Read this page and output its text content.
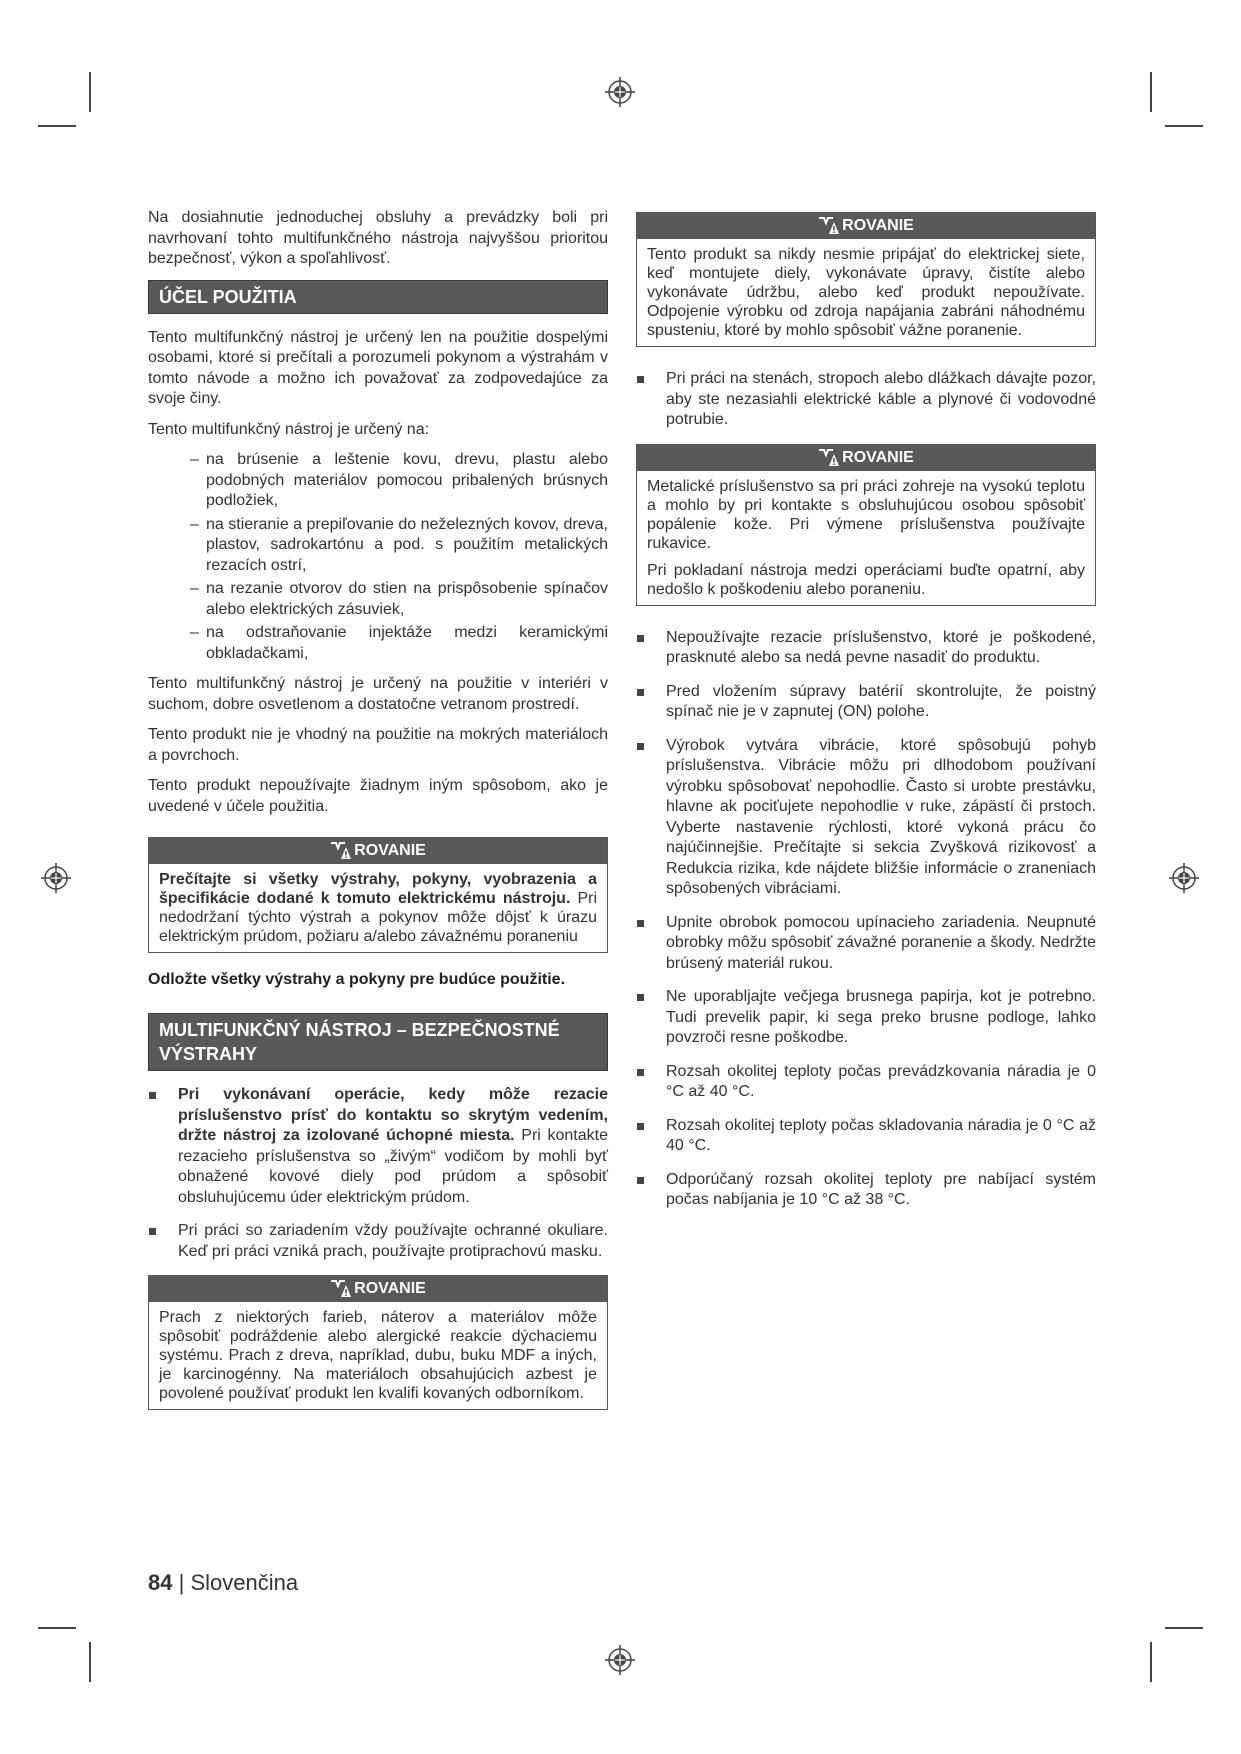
Na dosiahnutie jednoduchej obsluhy a prevádzky boli pri navrhovaní tohto multifunkčného nástroja najvyššou prioritou bezpečnosť, výkon a spoľahlivosť.

ÚČEL POUŽITIA

Tento multifunkčný nástroj je určený len na použitie dospelými osobami, ktoré si prečítali a porozumeli pokynom a výstrahám v tomto návode a možno ich považovať za zodpovedajúce za svoje činy.

Tento multifunkčný nástroj je určený na:

– na brúsenie a leštenie kovu, drevu, plastu alebo podobných materiálov pomocou pribalených brúsnych podložiek,
– na stieranie a prepiľovanie do neželezných kovov, dreva, plastov, sadrokartónu a pod. s použitím metalických rezacích ostrí,
– na rezanie otvorov do stien na prispôsobenie spínačov alebo elektrických zásuviek,
– na odstraňovanie injektáže medzi keramickými obkladačkami,

Tento multifunkčný nástroj je určený na použitie v interiéri v suchom, dobre osvetlenom a dostatočne vetranom prostredí.

Tento produkt nie je vhodný na použitie na mokrých materiáloch a povrchoch.

Tento produkt nepoužívajte žiadnym iným spôsobom, ako je uvedené v účele použitia.

ROVANIE

Prečítajte si všetky výstrahy, pokyny, vyobrazenia a špecifikácie dodané k tomuto elektrickému nástroju. Pri nedodržaní týchto výstrah a pokynov môže dôjsť k úrazu elektrickým prúdom, požiaru a/alebo závažnému poraneniu

Odložte všetky výstrahy a pokyny pre budúce použitie.

MULTIFUNKČNÝ NÁSTROJ – BEZPEČNOSTNÉ VÝSTRAHY
Pri vykonávaní operácie, kedy môže rezacie príslušenstvo prísť do kontaktu so skrytým vedením, držte nástroj za izolované úchopné miesta. Pri kontakte rezacieho príslušenstva so „živým“ vodičom by mohli byť obnažené kovové diely pod prúdom a spôsobiť obsluhujúcemu úder elektrickým prúdom.
Pri práci so zariadením vždy používajte ochranné okuliare. Keď pri práci vzniká prach, používajte protiprachovú masku.
ROVANIE

Prach z niektorých farieb, náterov a materiálov môže spôsobiť podráždenie alebo alergické reakcie dýchaciemu systému. Prach z dreva, napríklad, dubu, buku MDF a iných, je karcinogénny. Na materiáloch obsahujúcich azbest je povolené používať produkt len kvalifi kovaných odborníkom.

ROVANIE

Tento produkt sa nikdy nesmie pripájať do elektrickej siete, keď montujete diely, vykonávate úpravy, čistíte alebo vykonávate údržbu, alebo keď produkt nepoužívate. Odpojenie výrobku od zdroja napájania zabráni náhodnému spusteniu, ktoré by mohlo spôsobiť vážne poranenie.

Pri práci na stenách, stropoch alebo dlážkach dávajte pozor, aby ste nezasiahli elektrické káble a plynové či vodovodné potrubie.
ROVANIE

Metalické príslušenstvo sa pri práci zohreje na vysokú teplotu a mohlo by pri kontakte s obsluhujúcou osobou spôsobiť popálenie kože. Pri výmene príslušenstva používajte rukavice.

Pri pokladaní nástroja medzi operáciami buďte opatrní, aby nedošlo k poškodeniu alebo poraneniu.

Nepoužívajte rezacie príslušenstvo, ktoré je poškodené, prasknuté alebo sa nedá pevne nasadiť do produktu.
Pred vložením súpravy batérií skontrolujte, že poistný spínač nie je v zapnutej (ON) polohe.
Výrobok vytvára vibrácie, ktoré spôsobujú pohyb príslušenstva. Vibrácie môžu pri dlhodobom používaní výrobku spôsobovať nepohodlie. Často si urobte prestávku, hlavne ak pociťujete nepohodlie v ruke, zápästí či prstoch. Vyberte nastavenie rýchlosti, ktoré vykoná prácu čo najúčinnejšie. Prečítajte si sekcia Zvyšková rizikovosť a Redukcia rizika, kde nájdete bližšie informácie o zraneniach spôsobených vibráciami.
Upnite obrobok pomocou upínacieho zariadenia. Neupnuté obrobky môžu spôsobiť závažné poranenie a škody. Nedržte brúsený materiál rukou.
Ne uporabljajte večjega brusnega papirja, kot je potrebno. Tudi prevelik papir, ki sega preko brusne podloge, lahko povzroči resne poškodbe.
Rozsah okolitej teploty počas prevádzkovania náradia je 0 °C až 40 °C.
Rozsah okolitej teploty počas skladovania náradia je 0 °C až 40 °C.
Odporúčaný rozsah okolitej teploty pre nabíjací systém počas nabíjania je 10 °C až 38 °C.
84 | Slovenčina
